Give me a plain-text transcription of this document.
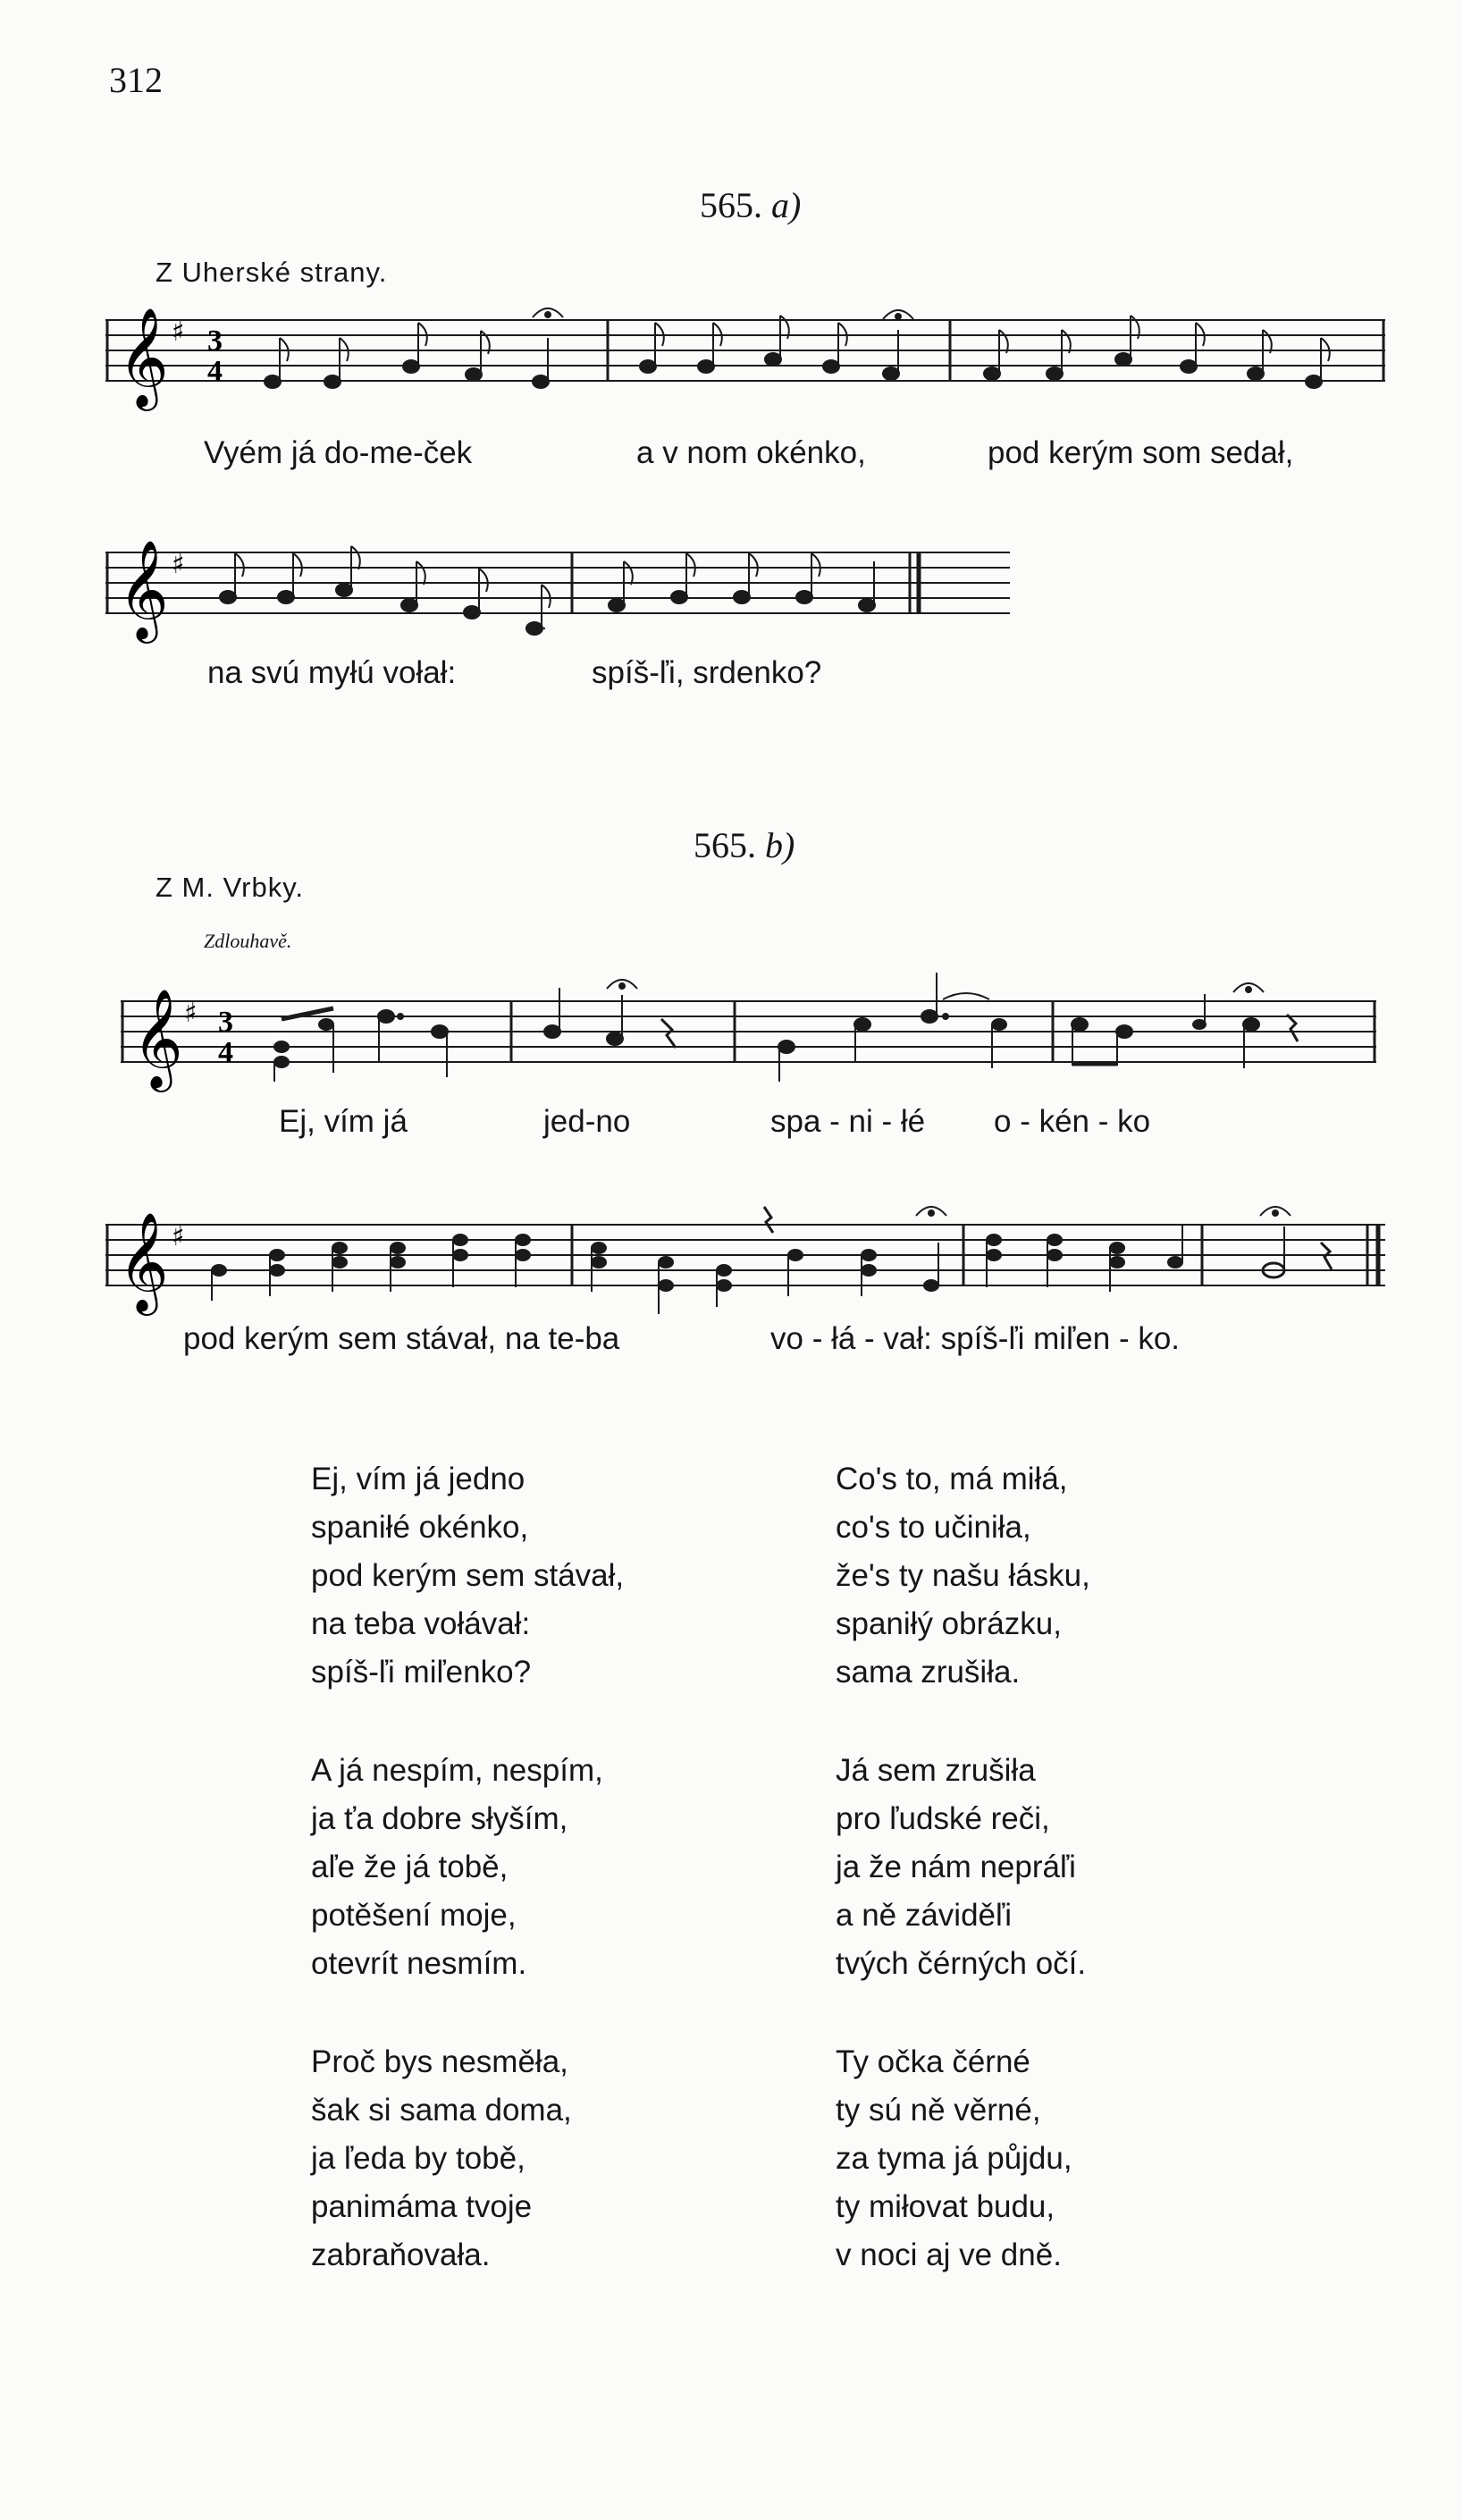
312
565. a)
Z Uherské strany.
𝄞 ♯ 3
4
Vyém já do-me-ček	a v nom okénko,	pod kerým som sedał,
𝄞 ♯
na svú myłú vołał:	spíš-ľi, srdenko?
565. b)
Z M. Vrbky.
Zdlouhavě.
𝄞 ♯ 3
4
Ej, vím já	jed-no	spa - ni - łé o - kén - ko
𝄞 ♯
pod kerým sem stávał, na te-ba	vo - łá - vał: spíš-ľi miľen - ko.
Ej, vím já jedno
spaniłé okénko,
pod kerým sem stávał,
na teba vołávał:
spíš-ľi miľenko?
A já nespím, nespím,
ja ťa dobre słyším,
aľe že já tobě,
potěšení moje,
otevrít nesmím.
Proč bys nesměła,
šak si sama doma,
ja ľeda by tobě,
panimáma tvoje
zabraňovała.
Co's to, má miłá,
co's to učiniła,
že's ty našu łásku,
spaniłý obrázku,
sama zrušiła.
Já sem zrušiła
pro ľudské reči,
ja že nám nepráľi
a ně záviděľi
tvých čérných očí.
Ty očka čérné
ty sú ně věrné,
za tyma já půjdu,
ty miłovat budu,
v noci aj ve dně.
